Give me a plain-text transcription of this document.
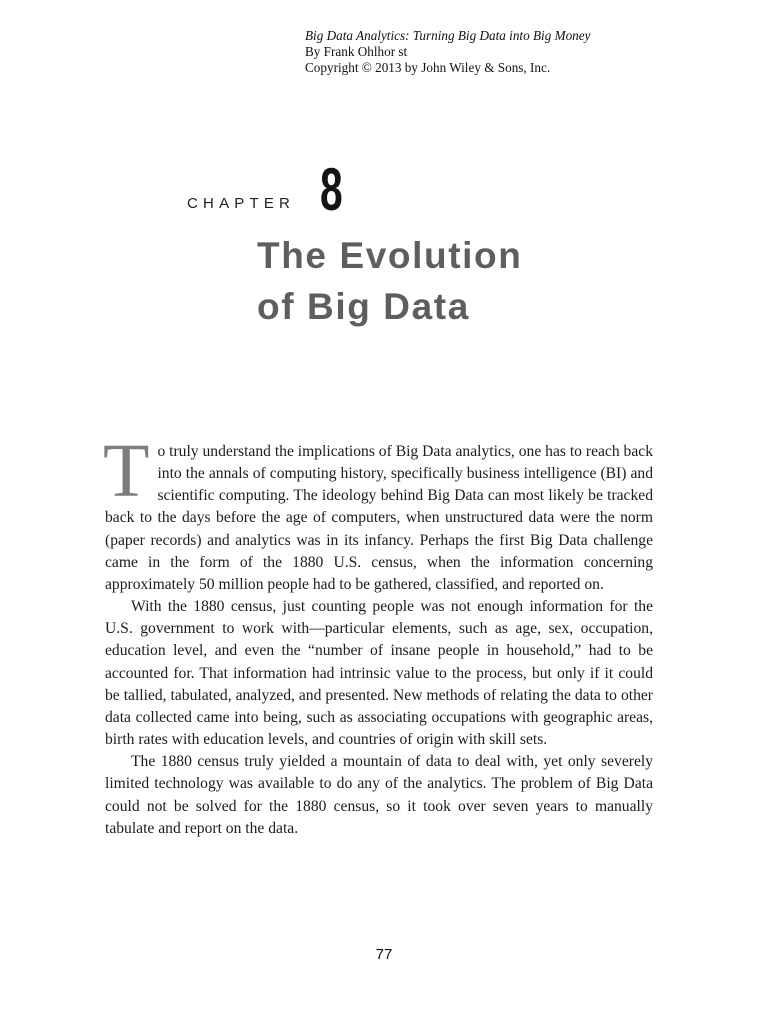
Big Data Analytics: Turning Big Data into Big Money
By Frank Ohlhor st
Copyright © 2013 by John Wiley & Sons, Inc.
CHAPTER 8
The Evolution
of Big Data

To truly understand the implications of Big Data analytics, one has to reach back into the annals of computing history, specifically business intelligence (BI) and scientific computing. The ideology behind Big Data can most likely be tracked back to the days before the age of computers, when unstructured data were the norm (paper records) and analytics was in its infancy. Perhaps the first Big Data challenge came in the form of the 1880 U.S. census, when the information concerning approximately 50 million people had to be gathered, classified, and reported on.

With the 1880 census, just counting people was not enough information for the U.S. government to work with—particular elements, such as age, sex, occupation, education level, and even the “number of insane people in household,” had to be accounted for. That information had intrinsic value to the process, but only if it could be tallied, tabulated, analyzed, and presented. New methods of relating the data to other data collected came into being, such as associating occupations with geographic areas, birth rates with education levels, and countries of origin with skill sets.

The 1880 census truly yielded a mountain of data to deal with, yet only severely limited technology was available to do any of the analytics. The problem of Big Data could not be solved for the 1880 census, so it took over seven years to manually tabulate and report on the data.

77
